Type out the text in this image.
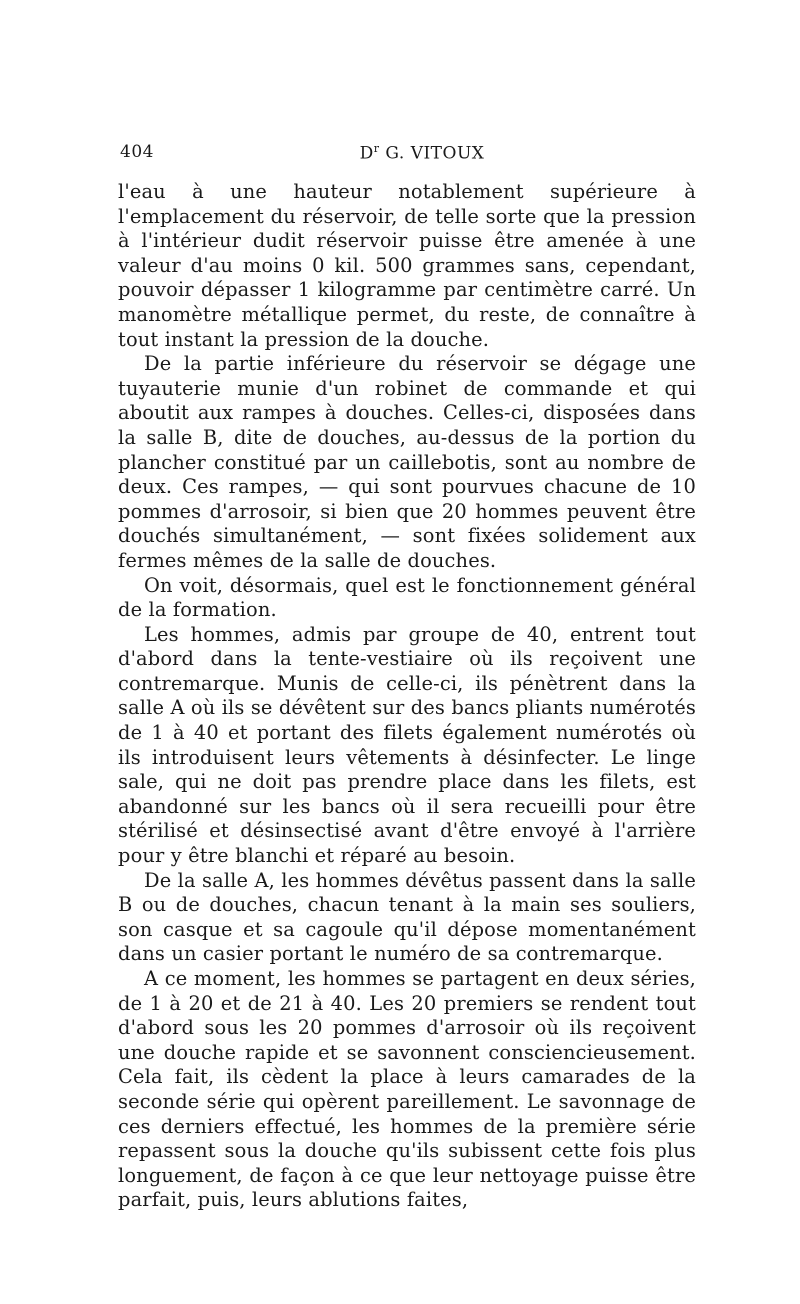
404	$D^r$ G. VITOUX

l'eau à une hauteur notablement supérieure à l'emplacement du réservoir, de telle sorte que la pression à l'intérieur dudit réservoir puisse être amenée à une valeur d'au moins 0 kil. 500 grammes sans, cependant, pouvoir dépasser 1 kilogramme par centimètre carré. Un manomètre métallique permet, du reste, de connaître à tout instant la pression de la douche.

De la partie inférieure du réservoir se dégage une tuyauterie munie d'un robinet de commande et qui aboutit aux rampes à douches. Celles-ci, disposées dans la salle B, dite de douches, au-dessus de la portion du plancher constitué par un caillebotis, sont au nombre de deux. Ces rampes, — qui sont pourvues chacune de 10 pommes d'arrosoir, si bien que 20 hommes peuvent être douchés simultanément, — sont fixées solidement aux fermes mêmes de la salle de douches.

On voit, désormais, quel est le fonctionnement général de la formation.

Les hommes, admis par groupe de 40, entrent tout d'abord dans la tente-vestiaire où ils reçoivent une contremarque. Munis de celle-ci, ils pénètrent dans la salle A où ils se dévêtent sur des bancs pliants numérotés de 1 à 40 et portant des filets également numérotés où ils introduisent leurs vêtements à désinfecter. Le linge sale, qui ne doit pas prendre place dans les filets, est abandonné sur les bancs où il sera recueilli pour être stérilisé et désinsectisé avant d'être envoyé à l'arrière pour y être blanchi et réparé au besoin.

De la salle A, les hommes dévêtus passent dans la salle B ou de douches, chacun tenant à la main ses souliers, son casque et sa cagoule qu'il dépose momentanément dans un casier portant le numéro de sa contremarque.

A ce moment, les hommes se partagent en deux séries, de 1 à 20 et de 21 à 40. Les 20 premiers se rendent tout d'abord sous les 20 pommes d'arrosoir où ils reçoivent une douche rapide et se savonnent consciencieusement. Cela fait, ils cèdent la place à leurs camarades de la seconde série qui opèrent pareillement. Le savonnage de ces derniers effectué, les hommes de la première série repassent sous la douche qu'ils subissent cette fois plus longuement, de façon à ce que leur nettoyage puisse être parfait, puis, leurs ablutions faites,
